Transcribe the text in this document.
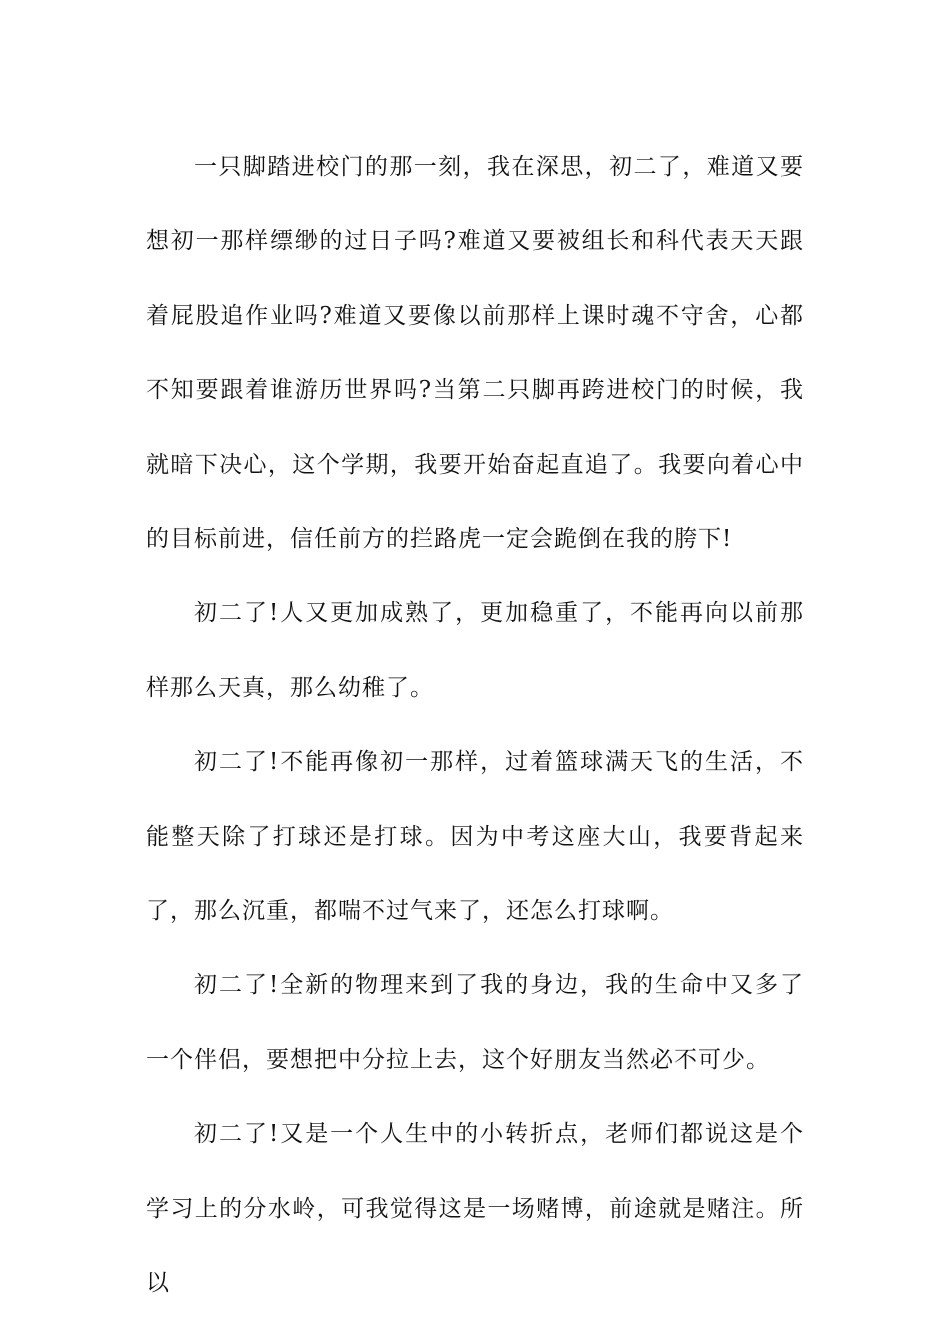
一只脚踏进校门的那一刻，我在深思，初二了，难道又要想初一那样缥缈的过日子吗?难道又要被组长和科代表天天跟着屁股追作业吗?难道又要像以前那样上课时魂不守舍，心都不知要跟着谁游历世界吗?当第二只脚再跨进校门的时候，我就暗下决心，这个学期，我要开始奋起直追了。我要向着心中的目标前进，信任前方的拦路虎一定会跪倒在我的胯下!

初二了!人又更加成熟了，更加稳重了，不能再向以前那样那么天真，那么幼稚了。

初二了!不能再像初一那样，过着篮球满天飞的生活，不能整天除了打球还是打球。因为中考这座大山，我要背起来了，那么沉重，都喘不过气来了，还怎么打球啊。

初二了!全新的物理来到了我的身边，我的生命中又多了一个伴侣，要想把中分拉上去，这个好朋友当然必不可少。

初二了!又是一个人生中的小转折点，老师们都说这是个学习上的分水岭，可我觉得这是一场赌博，前途就是赌注。所以
